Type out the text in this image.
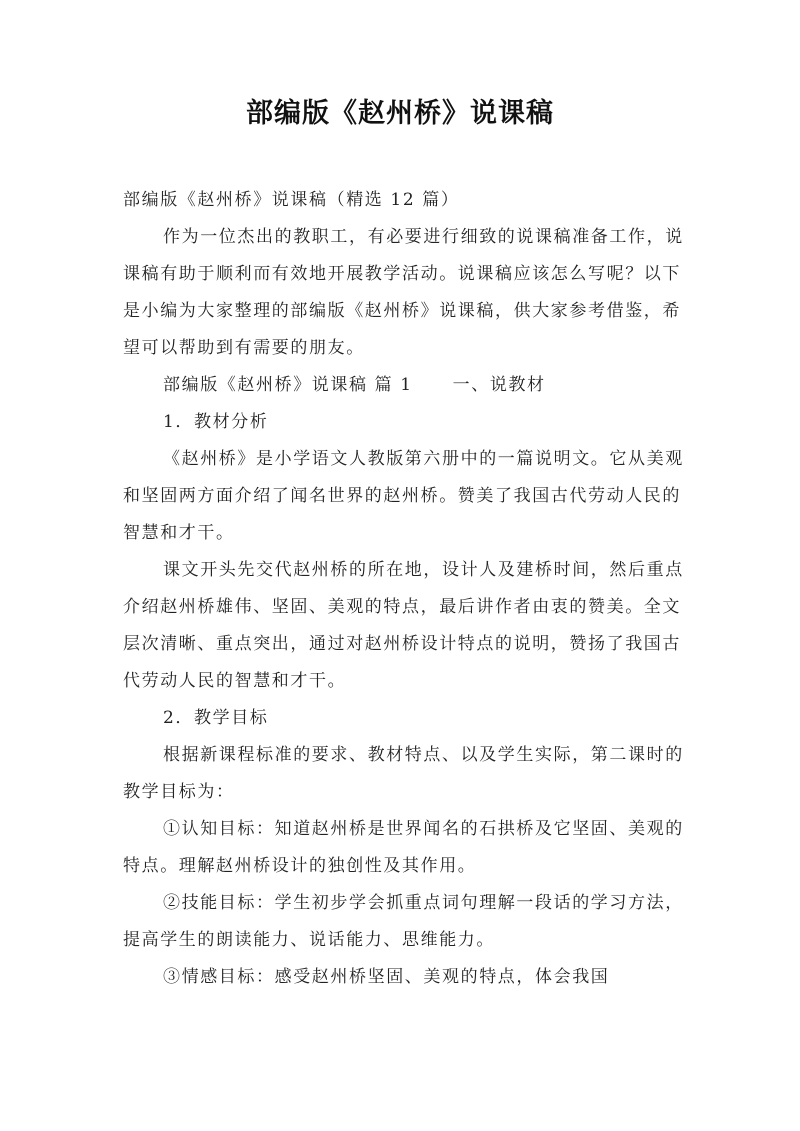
部编版《赵州桥》说课稿

部编版《赵州桥》说课稿（精选 12 篇）

作为一位杰出的教职工，有必要进行细致的说课稿准备工作，说课稿有助于顺利而有效地开展教学活动。说课稿应该怎么写呢？以下是小编为大家整理的部编版《赵州桥》说课稿，供大家参考借鉴，希望可以帮助到有需要的朋友。

部编版《赵州桥》说课稿 篇 1 一、说教材

1．教材分析

《赵州桥》是小学语文人教版第六册中的一篇说明文。它从美观和坚固两方面介绍了闻名世界的赵州桥。赞美了我国古代劳动人民的智慧和才干。

课文开头先交代赵州桥的所在地，设计人及建桥时间，然后重点介绍赵州桥雄伟、坚固、美观的特点，最后讲作者由衷的赞美。全文层次清晰、重点突出，通过对赵州桥设计特点的说明，赞扬了我国古代劳动人民的智慧和才干。

2．教学目标

根据新课程标准的要求、教材特点、以及学生实际，第二课时的教学目标为：

①认知目标：知道赵州桥是世界闻名的石拱桥及它坚固、美观的特点。理解赵州桥设计的独创性及其作用。

②技能目标：学生初步学会抓重点词句理解一段话的学习方法，提高学生的朗读能力、说话能力、思维能力。

③情感目标：感受赵州桥坚固、美观的特点，体会我国
